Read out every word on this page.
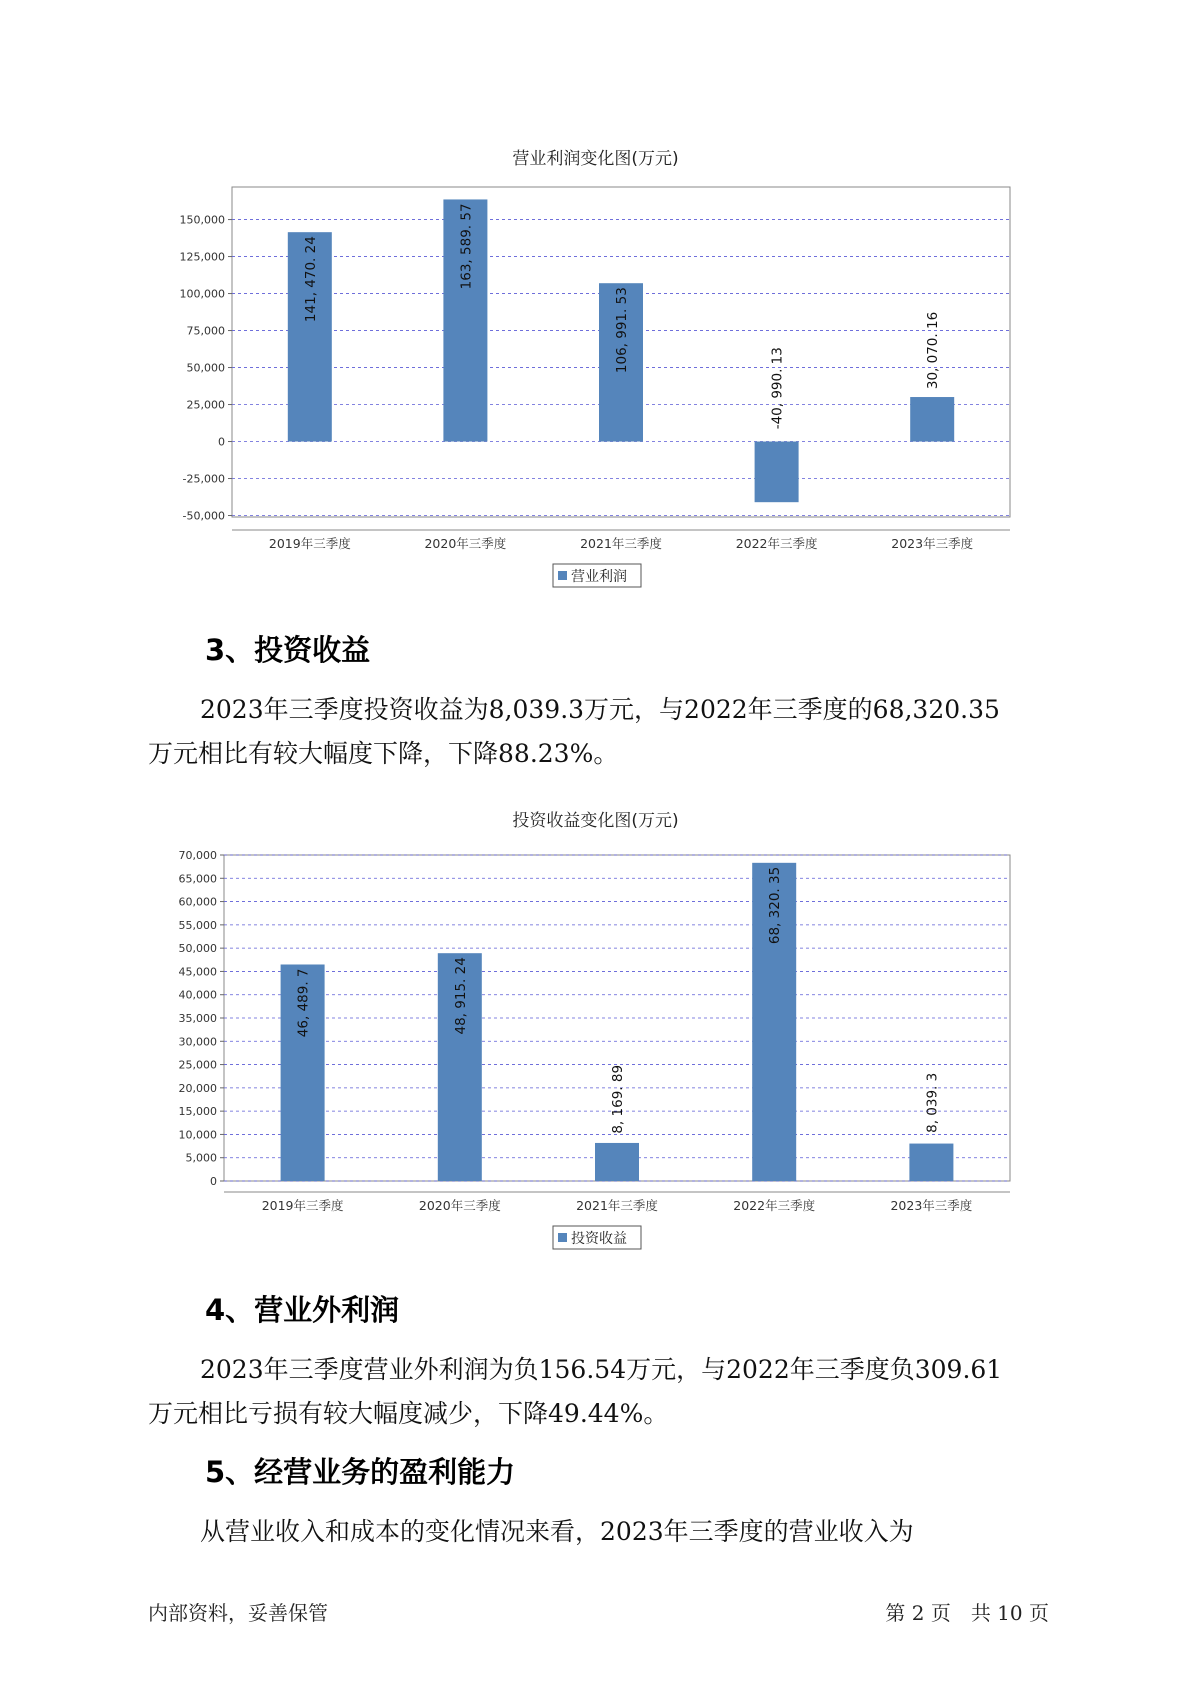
营业利润变化图(万元)
-50,000
-25,000
0
25,000
50,000
75,000
100,000
125,000
150,000
141, 470. 24
2019年三季度
163, 589. 57
2020年三季度
106, 991. 53
2021年三季度
-40, 990. 13
2022年三季度
30, 070. 16
2023年三季度
营业利润
3、投资收益
2023年三季度投资收益为8,039.3万元，与2022年三季度的68,320.35
万元相比有较大幅度下降，下降88.23%。
投资收益变化图(万元)
0
5,000
10,000
15,000
20,000
25,000
30,000
35,000
40,000
45,000
50,000
55,000
60,000
65,000
70,000
46, 489. 7
2019年三季度
48, 915. 24
2020年三季度
8, 169. 89
2021年三季度
68, 320. 35
2022年三季度
8, 039. 3
2023年三季度
投资收益
4、营业外利润
2023年三季度营业外利润为负156.54万元，与2022年三季度负309.61
万元相比亏损有较大幅度减少，下降49.44%。
5、经营业务的盈利能力
从营业收入和成本的变化情况来看，2023年三季度的营业收入为
内部资料，妥善保管	第 2 页　共 10 页
